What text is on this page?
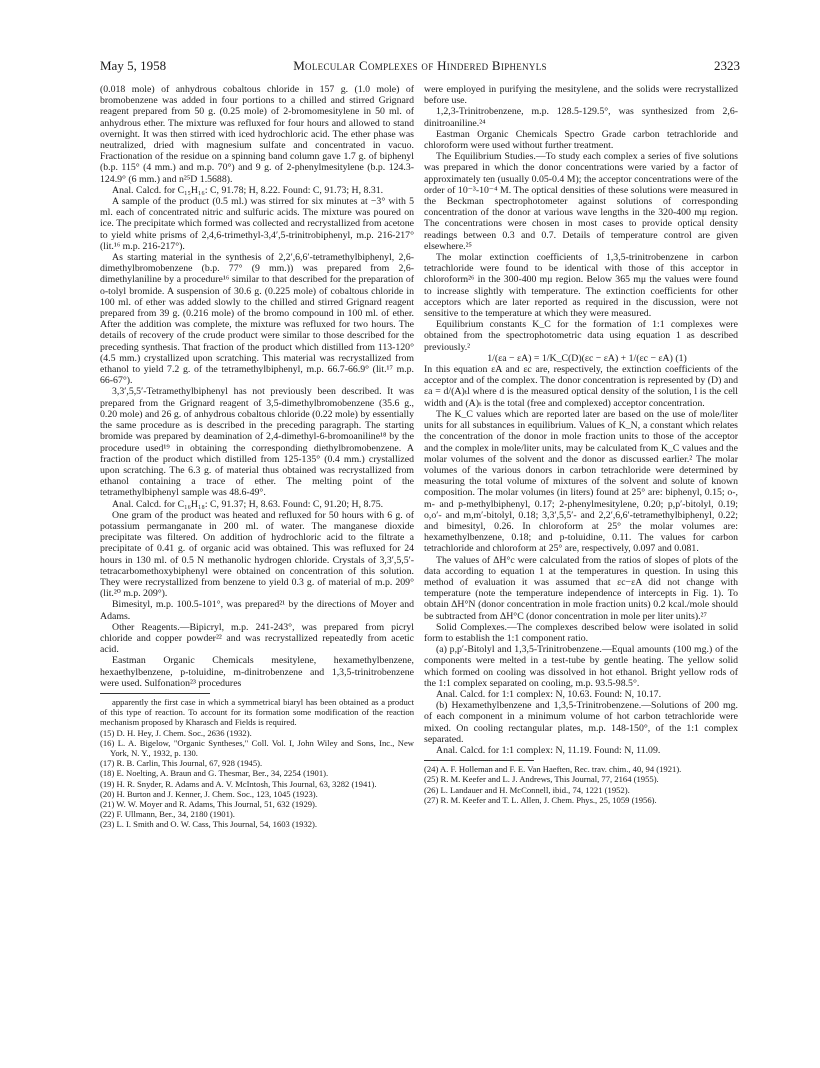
May 5, 1958	Molecular Complexes of Hindered Biphenyls	2323

(0.018 mole) of anhydrous cobaltous chloride in 157 g. (1.0 mole) of bromobenzene was added in four portions to a chilled and stirred Grignard reagent prepared from 50 g. (0.25 mole) of 2-bromomesitylene in 50 ml. of anhydrous ether. The mixture was refluxed for four hours and allowed to stand overnight. It was then stirred with iced hydrochloric acid. The ether phase was neutralized, dried with magnesium sulfate and concentrated in vacuo. Fractionation of the residue on a spinning band column gave 1.7 g. of biphenyl (b.p. 115° (4 mm.) and m.p. 70°) and 9 g. of 2-phenylmesitylene (b.p. 124.3-124.9° (6 mm.) and n²⁵D 1.5688).

Anal. Calcd. for C₁₅H₁₆: C, 91.78; H, 8.22. Found: C, 91.73; H, 8.31.

A sample of the product (0.5 ml.) was stirred for six minutes at −3° with 5 ml. each of concentrated nitric and sulfuric acids. The mixture was poured on ice. The precipitate which formed was collected and recrystallized from acetone to yield white prisms of 2,4,6-trimethyl-3,4′,5-trinitrobiphenyl, m.p. 216-217° (lit.¹⁶ m.p. 216-217°).

As starting material in the synthesis of 2,2′,6,6′-tetramethylbiphenyl, 2,6-dimethylbromobenzene (b.p. 77° (9 mm.)) was prepared from 2,6-dimethylaniline by a procedure¹⁶ similar to that described for the preparation of o-tolyl bromide. A suspension of 30.6 g. (0.225 mole) of cobaltous chloride in 100 ml. of ether was added slowly to the chilled and stirred Grignard reagent prepared from 39 g. (0.216 mole) of the bromo compound in 100 ml. of ether. After the addition was complete, the mixture was refluxed for two hours. The details of recovery of the crude product were similar to those described for the preceding synthesis. That fraction of the product which distilled from 113-120° (4.5 mm.) crystallized upon scratching. This material was recrystallized from ethanol to yield 7.2 g. of the tetramethylbiphenyl, m.p. 66.7-66.9° (lit.¹⁷ m.p. 66-67°).

3,3′,5,5′-Tetramethylbiphenyl has not previously been described. It was prepared from the Grignard reagent of 3,5-dimethylbromobenzene (35.6 g., 0.20 mole) and 26 g. of anhydrous cobaltous chloride (0.22 mole) by essentially the same procedure as is described in the preceding paragraph. The starting bromide was prepared by deamination of 2,4-dimethyl-6-bromoaniline¹⁸ by the procedure used¹⁹ in obtaining the corresponding diethylbromobenzene. A fraction of the product which distilled from 125-135° (0.4 mm.) crystallized upon scratching. The 6.3 g. of material thus obtained was recrystallized from ethanol containing a trace of ether. The melting point of the tetramethylbiphenyl sample was 48.6-49°.

Anal. Calcd. for C₁₆H₁₈: C, 91.37; H, 8.63. Found: C, 91.20; H, 8.75.

One gram of the product was heated and refluxed for 50 hours with 6 g. of potassium permanganate in 200 ml. of water. The manganese dioxide precipitate was filtered. On addition of hydrochloric acid to the filtrate a precipitate of 0.41 g. of organic acid was obtained. This was refluxed for 24 hours in 130 ml. of 0.5 N methanolic hydrogen chloride. Crystals of 3,3′,5,5′-tetracarbomethoxybiphenyl were obtained on concentration of this solution. They were recrystallized from benzene to yield 0.3 g. of material of m.p. 209° (lit.²⁰ m.p. 209°).

Bimesityl, m.p. 100.5-101°, was prepared²¹ by the directions of Moyer and Adams.

Other Reagents.—Bipicryl, m.p. 241-243°, was prepared from picryl chloride and copper powder²² and was recrystallized repeatedly from acetic acid.

Eastman Organic Chemicals mesitylene, hexamethylbenzene, hexaethylbenzene, p-toluidine, m-dinitrobenzene and 1,3,5-trinitrobenzene were used. Sulfonation²³ procedures

apparently the first case in which a symmetrical biaryl has been obtained as a product of this type of reaction. To account for its formation some modification of the reaction mechanism proposed by Kharasch and Fields is required.

(15) D. H. Hey, J. Chem. Soc., 2636 (1932).

(16) L. A. Bigelow, "Organic Syntheses," Coll. Vol. I, John Wiley and Sons, Inc., New York, N. Y., 1932, p. 130.

(17) R. B. Carlin, This Journal, 67, 928 (1945).

(18) E. Noelting, A. Braun and G. Thesmar, Ber., 34, 2254 (1901).

(19) H. R. Snyder, R. Adams and A. V. McIntosh, This Journal, 63, 3282 (1941).

(20) H. Burton and J. Kenner, J. Chem. Soc., 123, 1045 (1923).

(21) W. W. Moyer and R. Adams, This Journal, 51, 632 (1929).

(22) F. Ullmann, Ber., 34, 2180 (1901).

(23) L. I. Smith and O. W. Cass, This Journal, 54, 1603 (1932).

were employed in purifying the mesitylene, and the solids were recrystallized before use.

1,2,3-Trinitrobenzene, m.p. 128.5-129.5°, was synthesized from 2,6-dinitroaniline.²⁴

Eastman Organic Chemicals Spectro Grade carbon tetrachloride and chloroform were used without further treatment.

The Equilibrium Studies.—To study each complex a series of five solutions was prepared in which the donor concentrations were varied by a factor of approximately ten (usually 0.05-0.4 M); the acceptor concentrations were of the order of 10⁻³-10⁻⁴ M. The optical densities of these solutions were measured in the Beckman spectrophotometer against solutions of corresponding concentration of the donor at various wave lengths in the 320-400 mμ region. The concentrations were chosen in most cases to provide optical density readings between 0.3 and 0.7. Details of temperature control are given elsewhere.²⁵

The molar extinction coefficients of 1,3,5-trinitrobenzene in carbon tetrachloride were found to be identical with those of this acceptor in chloroform²⁶ in the 300-400 mμ region. Below 365 mμ the values were found to increase slightly with temperature. The extinction coefficients for other acceptors which are later reported as required in the discussion, were not sensitive to the temperature at which they were measured.

Equilibrium constants K_C for the formation of 1:1 complexes were obtained from the spectrophotometric data using equation 1 as described previously.²

1/(εa − εA) = 1/K_C(D)(εc − εA) + 1/(εc − εA) (1)

In this equation εA and εc are, respectively, the extinction coefficients of the acceptor and of the complex. The donor concentration is represented by (D) and εa = d/(A)ₜl where d is the measured optical density of the solution, l is the cell width and (A)ₜ is the total (free and complexed) acceptor concentration.

The K_C values which are reported later are based on the use of mole/liter units for all substances in equilibrium. Values of K_N, a constant which relates the concentration of the donor in mole fraction units to those of the acceptor and the complex in mole/liter units, may be calculated from K_C values and the molar volumes of the solvent and the donor as discussed earlier.² The molar volumes of the various donors in carbon tetrachloride were determined by measuring the total volume of mixtures of the solvent and solute of known composition. The molar volumes (in liters) found at 25° are: biphenyl, 0.15; o-, m- and p-methylbiphenyl, 0.17; 2-phenylmesitylene, 0.20; p,p′-bitolyl, 0.19; o,o′- and m,m′-bitolyl, 0.18; 3,3′,5,5′- and 2,2′,6,6′-tetramethylbiphenyl, 0.22; and bimesityl, 0.26. In chloroform at 25° the molar volumes are: hexamethylbenzene, 0.18; and p-toluidine, 0.11. The values for carbon tetrachloride and chloroform at 25° are, respectively, 0.097 and 0.081.

The values of ΔH°c were calculated from the ratios of slopes of plots of the data according to equation 1 at the temperatures in question. In using this method of evaluation it was assumed that εc−εA did not change with temperature (note the temperature independence of intercepts in Fig. 1). To obtain ΔH°N (donor concentration in mole fraction units) 0.2 kcal./mole should be subtracted from ΔH°C (donor concentration in mole per liter units).²⁷

Solid Complexes.—The complexes described below were isolated in solid form to establish the 1:1 component ratio.

(a) p,p′-Bitolyl and 1,3,5-Trinitrobenzene.—Equal amounts (100 mg.) of the components were melted in a test-tube by gentle heating. The yellow solid which formed on cooling was dissolved in hot ethanol. Bright yellow rods of the 1:1 complex separated on cooling, m.p. 93.5-98.5°.

Anal. Calcd. for 1:1 complex: N, 10.63. Found: N, 10.17.

(b) Hexamethylbenzene and 1,3,5-Trinitrobenzene.—Solutions of 200 mg. of each component in a minimum volume of hot carbon tetrachloride were mixed. On cooling rectangular plates, m.p. 148-150°, of the 1:1 complex separated.

Anal. Calcd. for 1:1 complex: N, 11.19. Found: N, 11.09.

(24) A. F. Holleman and F. E. Van Haeften, Rec. trav. chim., 40, 94 (1921).

(25) R. M. Keefer and L. J. Andrews, This Journal, 77, 2164 (1955).

(26) L. Landauer and H. McConnell, ibid., 74, 1221 (1952).

(27) R. M. Keefer and T. L. Allen, J. Chem. Phys., 25, 1059 (1956).
